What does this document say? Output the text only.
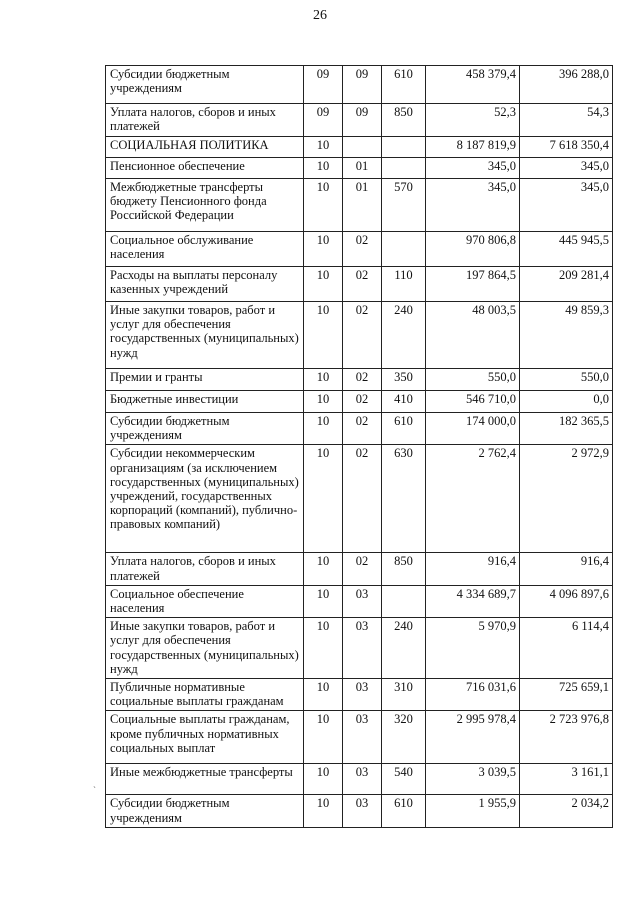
26
Субсидии бюджетным учреждениям	09	09	610	458 379,4	396 288,0
Уплата налогов, сборов и иных платежей	09	09	850	52,3	54,3
СОЦИАЛЬНАЯ ПОЛИТИКА	10			8 187 819,9	7 618 350,4
Пенсионное обеспечение	10	01		345,0	345,0
Межбюджетные трансферты бюджету Пенсионного фонда Российской Федерации	10	01	570	345,0	345,0
Социальное обслуживание населения	10	02		970 806,8	445 945,5
Расходы на выплаты персоналу казенных учреждений	10	02	110	197 864,5	209 281,4
Иные закупки товаров, работ и услуг для обеспечения государственных (муниципальных) нужд	10	02	240	48 003,5	49 859,3
Премии и гранты	10	02	350	550,0	550,0
Бюджетные инвестиции	10	02	410	546 710,0	0,0
Субсидии бюджетным учреждениям	10	02	610	174 000,0	182 365,5
Субсидии некоммерческим организациям (за исключением государственных (муниципальных) учреждений, государственных корпораций (компаний), публично-правовых компаний)	10	02	630	2 762,4	2 972,9
Уплата налогов, сборов и иных платежей	10	02	850	916,4	916,4
Социальное обеспечение населения	10	03		4 334 689,7	4 096 897,6
Иные закупки товаров, работ и услуг для обеспечения государственных (муниципальных) нужд	10	03	240	5 970,9	6 114,4
Публичные нормативные социальные выплаты гражданам	10	03	310	716 031,6	725 659,1
Социальные выплаты гражданам, кроме публичных нормативных социальных выплат	10	03	320	2 995 978,4	2 723 976,8
Иные межбюджетные трансферты	10	03	540	3 039,5	3 161,1
Субсидии бюджетным учреждениям	10	03	610	1 955,9	2 034,2
`
